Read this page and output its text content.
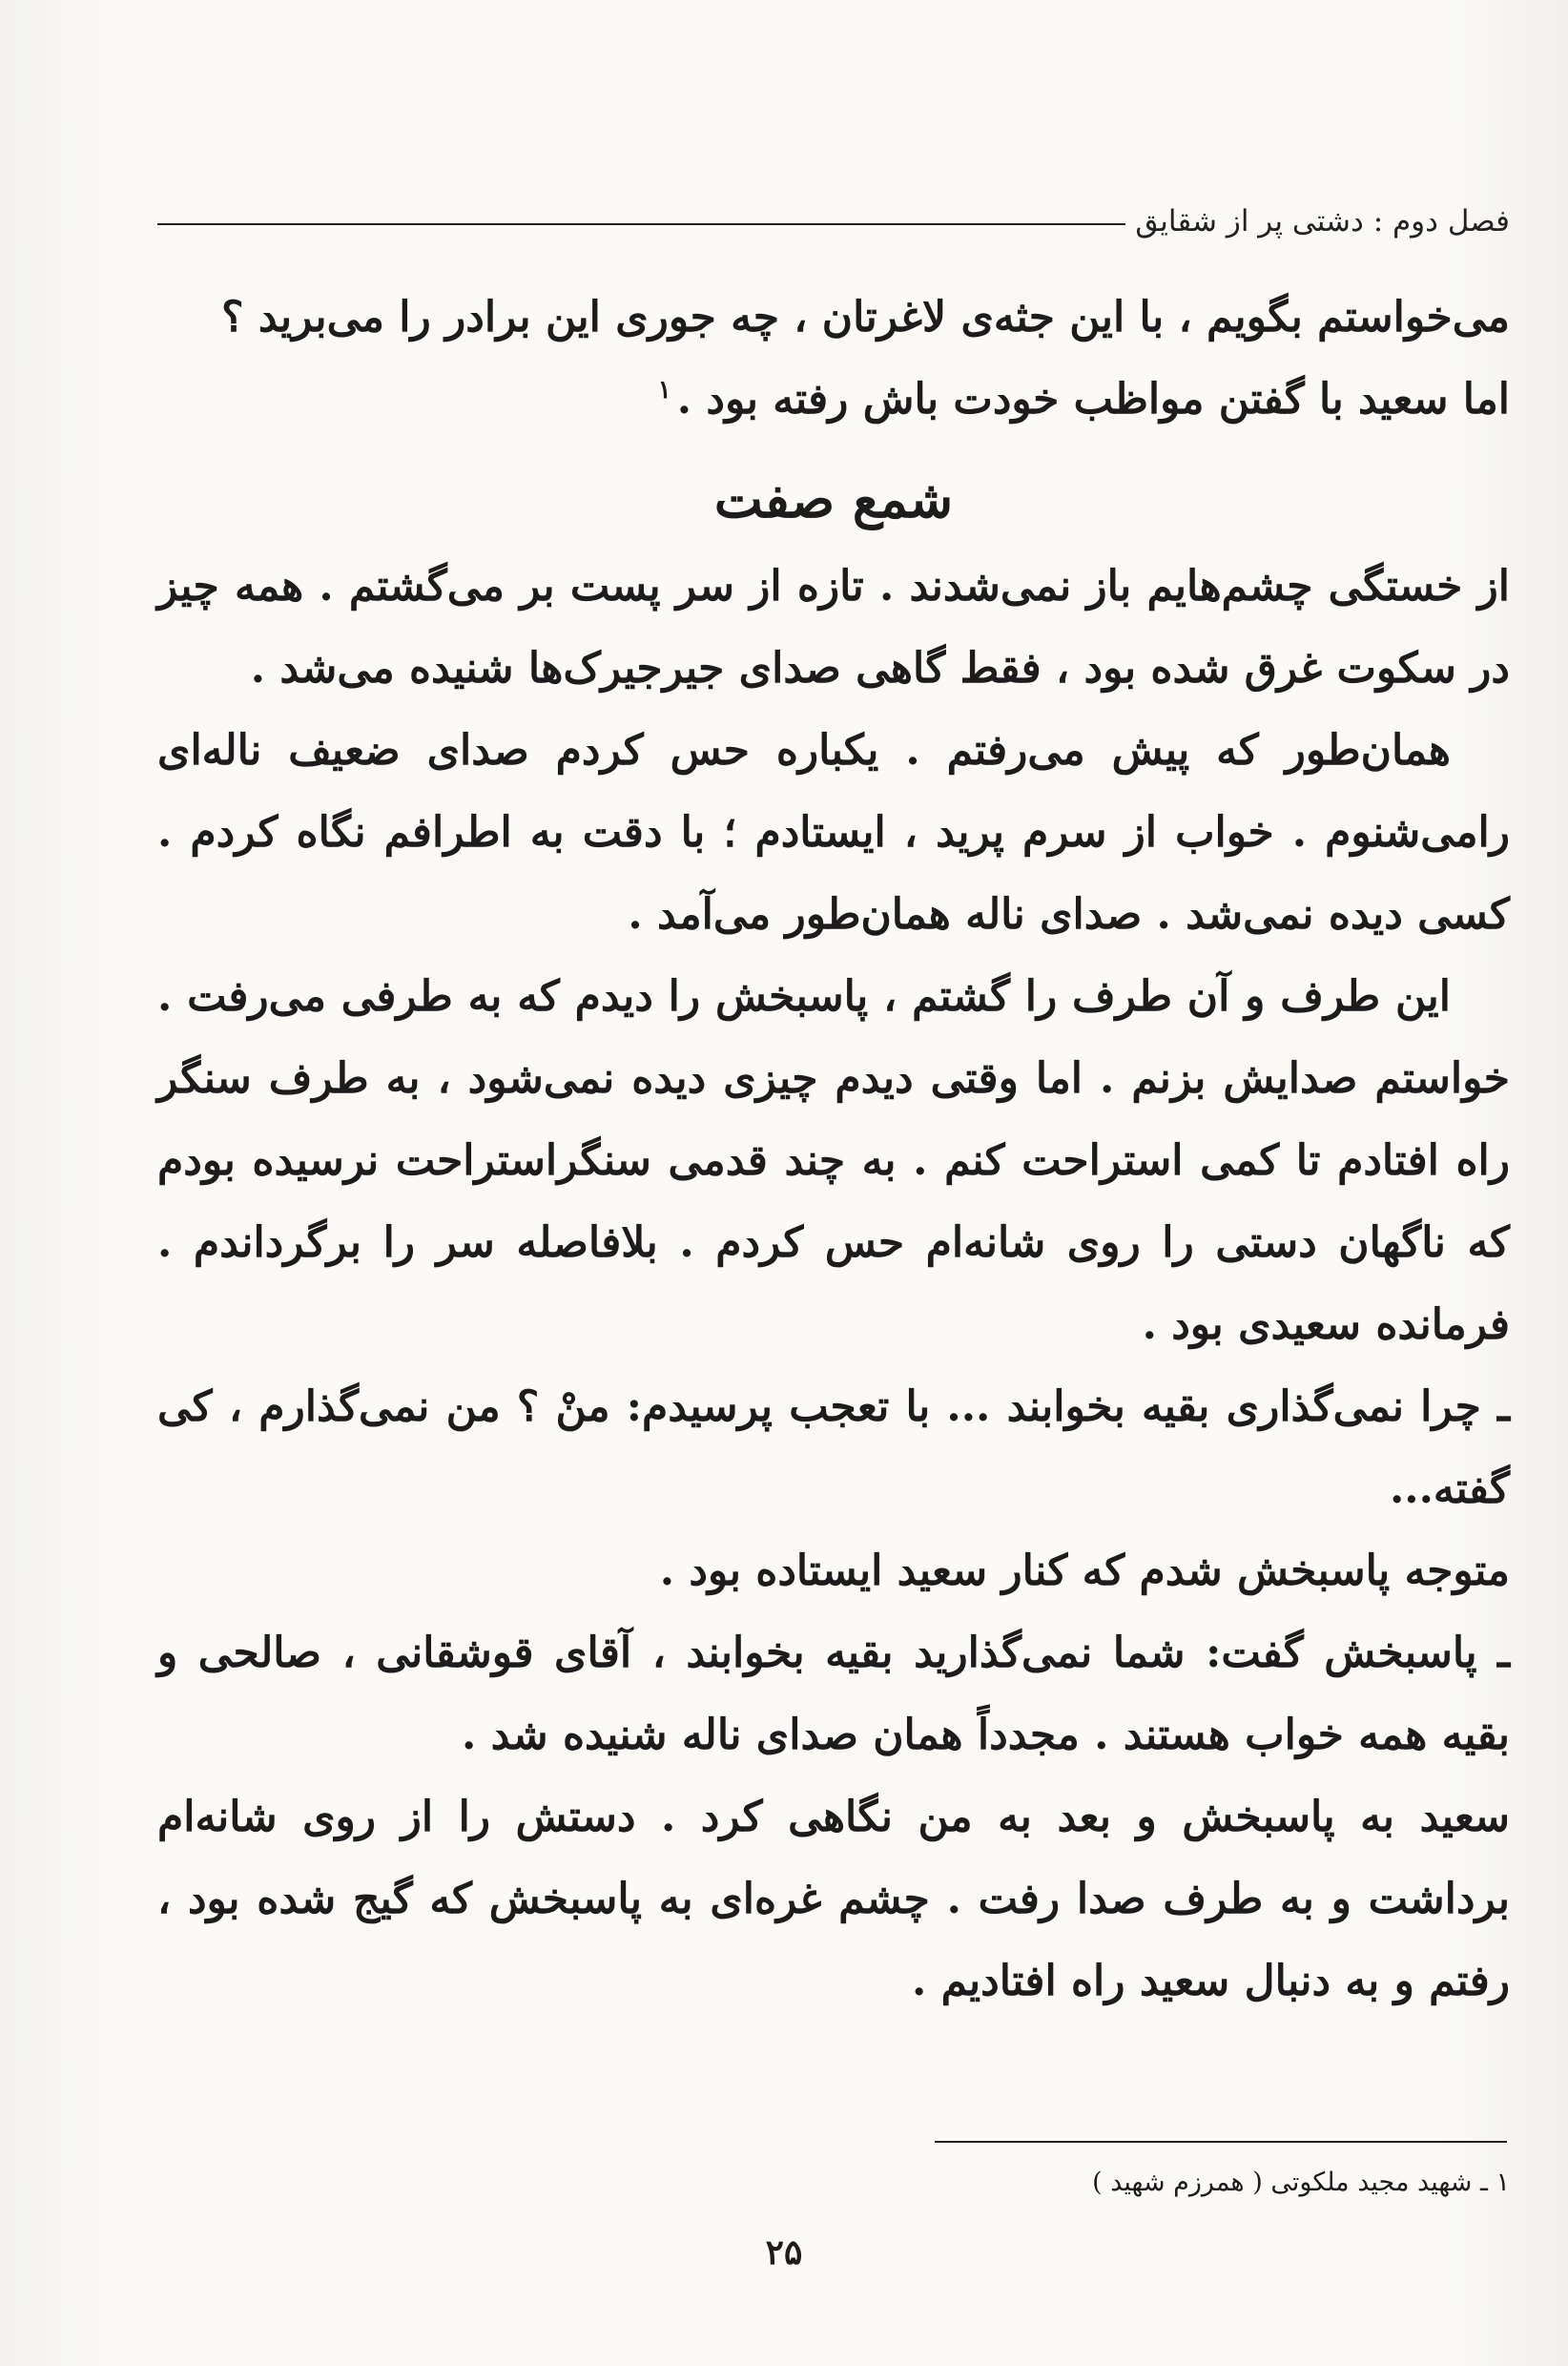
فصل دوم : دشتی پر از شقایق

می‌خواستم بگویم ، با این جثه‌ی لاغرتان ، چه جوری این برادر را می‌برید ؟

اما سعید با گفتن مواظب خودت باش رفته بود .$^۱$

شمع صفت

از خستگی چشم‌هایم باز نمی‌شدند . تازه از سر پست بر می‌گشتم . همه چیز در سکوت غرق شده بود ، فقط گاهی صدای جیرجیرک‌ها شنیده می‌شد .

همان‌طور که پیش می‌رفتم . یکباره حس کردم صدای ضعیف ناله‌ای رامی‌شنوم . خواب از سرم پرید ، ایستادم ؛ با دقت به اطرافم نگاه کردم . کسی دیده نمی‌شد . صدای ناله همان‌طور می‌آمد .

این طرف و آن طرف را گشتم ، پاسبخش را دیدم که به طرفی می‌رفت . خواستم صدایش بزنم . اما وقتی دیدم چیزی دیده نمی‌شود ، به طرف سنگر راه افتادم تا کمی استراحت کنم . به چند قدمی سنگراستراحت نرسیده بودم که ناگهان دستی را روی شانه‌ام حس کردم . بلافاصله سر را برگرداندم . فرمانده سعیدی بود .

ـ چرا نمی‌گذاری بقیه بخوابند ... با تعجب پرسیدم: منْ ؟ من نمی‌گذارم ، کی گفته...

متوجه پاسبخش شدم که کنار سعید ایستاده بود .

ـ پاسبخش گفت: شما نمی‌گذارید بقیه بخوابند ، آقای قوشقانی ، صالحی و بقیه همه خواب هستند . مجدداً همان صدای ناله شنیده شد .

سعید به پاسبخش و بعد به من نگاهی کرد . دستش را از روی شانه‌ام برداشت و به طرف صدا رفت . چشم غره‌ای به پاسبخش که گیج شده بود ، رفتم و به دنبال سعید راه افتادیم .

۱ ـ شهید مجید ملکوتی ( همرزم شهید )
۲۵
